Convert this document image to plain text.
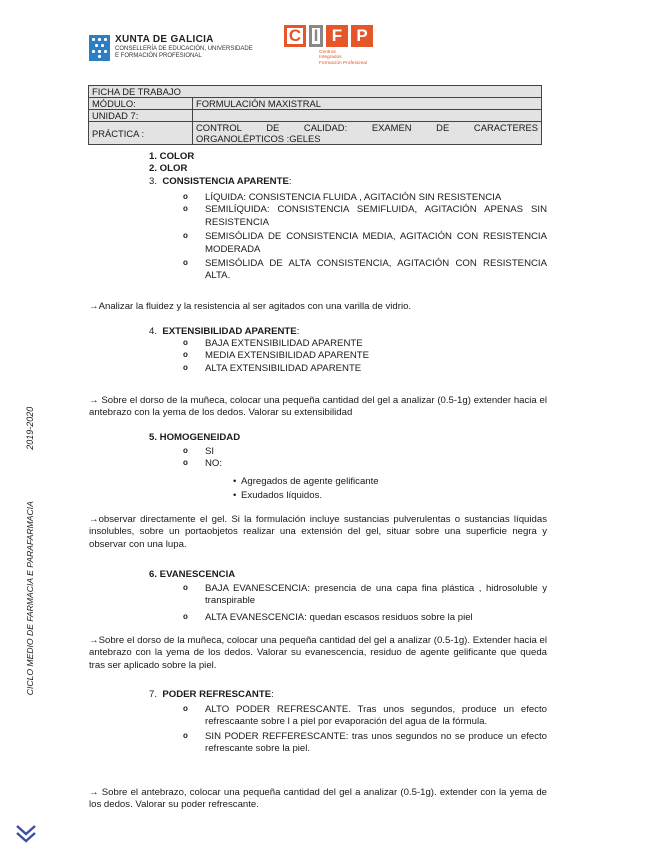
XUNTA DE GALICIA
CONSELLERÍA DE EDUCACIÓN, UNIVERSIDADE
E FORMACIÓN PROFESIONAL
C I F P
Centros
Integrados
Formación Profesional
FICHA DE TRABAJO	
MÓDULO:	FORMULACIÓN MAXISTRAL
UNIDAD 7:	
PRÁCTICA :	CONTROL DE CALIDAD: EXAMEN DE CARACTERES
ORGANOLÉPTICOS :GELES
1. COLOR
2. OLOR
3. CONSISTENCIA APARENTE:

o LÍQUIDA: CONSISTENCIA FLUIDA , AGITACIÓN SIN RESISTENCIA

o SEMILÍQUIDA: CONSISTENCIA SEMIFLUIDA, AGITACIÓN APENAS SIN RESISTENCIA

o SEMISÓLIDA DE CONSISTENCIA MEDIA, AGITACIÓN CON RESISTENCIA MODERADA

o SEMISÓLIDA DE ALTA CONSISTENCIA, AGITACIÓN CON RESISTENCIA ALTA.

→Analizar la fluidez y la resistencia al ser agitados con una varilla de vidrio.

4. EXTENSIBILIDAD APARENTE:

o BAJA EXTENSIBILIDAD APARENTE

o MEDIA EXTENSIBILIDAD APARENTE

o ALTA EXTENSIBILIDAD APARENTE

→ Sobre el dorso de la muñeca, colocar una pequeña cantidad del gel a analizar (0.5-1g) extender hacia el antebrazo con la yema de los dedos. Valorar su extensibilidad

5. HOMOGENEIDAD

o SI

o NO:

• Agregados de agente gelificante

• Exudados líquidos.

→observar directamente el gel. Si la formulación incluye sustancias pulverulentas o sustancias líquidas insolubles, sobre un portaobjetos realizar una extensión del gel, situar sobre una superficie negra y observar con una lupa.

6. EVANESCENCIA

o BAJA EVANESCENCIA: presencia de una capa fina plástica , hidrosoluble y transpirable

o ALTA EVANESCENCIA: quedan escasos residuos sobre la piel

→Sobre el dorso de la muñeca, colocar una pequeña cantidad del gel a analizar (0.5-1g). Extender hacia el antebrazo con la yema de los dedos. Valorar su evanescencia, residuo de agente gelificante que queda tras ser aplicado sobre la piel.

7. PODER REFRESCANTE:

o ALTO PODER REFRESCANTE. Tras unos segundos, produce un efecto refrescaante sobre l a piel por evaporación del agua de la fórmula.

o SIN PODER REFFERESCANTE: tras unos segundos no se produce un efecto refrescante sobre la piel.

→ Sobre el antebrazo, colocar una pequeña cantidad del gel a analizar (0.5-1g). extender con la yema de los dedos. Valorar su poder refrescante.

2019-2020
CICLO MEDIO DE FARMACIA E PARAFARMACIA
